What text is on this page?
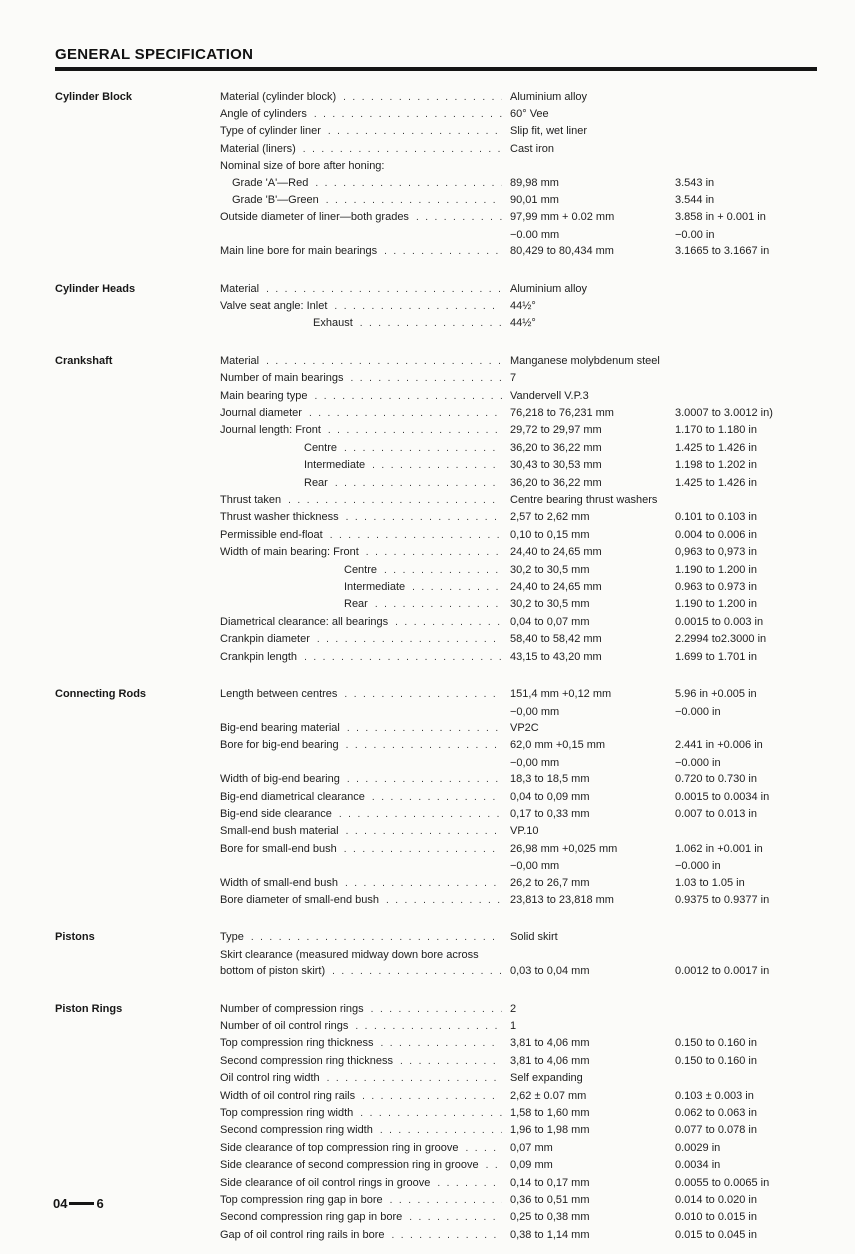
GENERAL SPECIFICATION
Cylinder Block	Material (cylinder block) .....	Aluminium alloy
Angle of cylinders .....	60° Vee
Type of cylinder liner .....	Slip fit, wet liner
Material (liners) .....	Cast iron
Nominal size of bore after honing:
Grade 'A'—Red .....	89,98 mm	3.543 in
Grade 'B'—Green .....	90,01 mm	3.544 in
Outside diameter of liner—both grades .....	97,99 mm + 0.02 mm	3.858 in + 0.001 in
−0.00 mm	−0.00 in
Main line bore for main bearings .....	80,429 to 80,434 mm	3.1665 to 3.1667 in
Cylinder Heads	Material .....	Aluminium alloy
Valve seat angle: Inlet .....	44½°
Exhaust .....	44½°
Crankshaft	Material .....	Manganese molybdenum steel
Number of main bearings .....	7
Main bearing type .....	Vandervell V.P.3
Journal diameter .....	76,218 to 76,231 mm	3.0007 to 3.0012 in)
Journal length: Front .....	29,72 to 29,97 mm	1.170 to 1.180 in
Centre .....	36,20 to 36,22 mm	1.425 to 1.426 in
Intermediate .....	30,43 to 30,53 mm	1.198 to 1.202 in
Rear .....	36,20 to 36,22 mm	1.425 to 1.426 in
Thrust taken .....	Centre bearing thrust washers
Thrust washer thickness .....	2,57 to 2,62 mm	0.101 to 0.103 in
Permissible end-float .....	0,10 to 0,15 mm	0.004 to 0.006 in
Width of main bearing: Front .....	24,40 to 24,65 mm	0,963 to 0,973 in
Centre .....	30,2 to 30,5 mm	1.190 to 1.200 in
Intermediate .....	24,40 to 24,65 mm	0.963 to 0.973 in
Rear .....	30,2 to 30,5 mm	1.190 to 1.200 in
Diametrical clearance: all bearings .....	0,04 to 0,07 mm	0.0015 to 0.003 in
Crankpin diameter .....	58,40 to 58,42 mm	2.2994 to2.3000 in
Crankpin length .....	43,15 to 43,20 mm	1.699 to 1.701 in
Connecting Rods	Length between centres .....	151,4 mm +0,12 mm	5.96 in +0.005 in
−0,00 mm	−0.000 in
Big-end bearing material .....	VP2C
Bore for big-end bearing .....	62,0 mm +0,15 mm	2.441 in +0.006 in
−0,00 mm	−0.000 in
Width of big-end bearing .....	18,3 to 18,5 mm	0.720 to 0.730 in
Big-end diametrical clearance .....	0,04 to 0,09 mm	0.0015 to 0.0034 in
Big-end side clearance .....	0,17 to 0,33 mm	0.007 to 0.013 in
Small-end bush material .....	VP.10
Bore for small-end bush .....	26,98 mm +0,025 mm	1.062 in +0.001 in
−0,00 mm	−0.000 in
Width of small-end bush .....	26,2 to 26,7 mm	1.03 to 1.05 in
Bore diameter of small-end bush .....	23,813 to 23,818 mm	0.9375 to 0.9377 in
Pistons	Type .....	Solid skirt
Skirt clearance (measured midway down bore across
bottom of piston skirt) .....	0,03 to 0,04 mm	0.0012 to 0.0017 in
Piston Rings	Number of compression rings .....	2
Number of oil control rings .....	1
Top compression ring thickness .....	3,81 to 4,06 mm	0.150 to 0.160 in
Second compression ring thickness .....	3,81 to 4,06 mm	0.150 to 0.160 in
Oil control ring width .....	Self expanding
Width of oil control ring rails .....	2,62 ± 0.07 mm	0.103 ± 0.003 in
Top compression ring width .....	1,58 to 1,60 mm	0.062 to 0.063 in
Second compression ring width .....	1,96 to 1,98 mm	0.077 to 0.078 in
Side clearance of top compression ring in groove .....	0,07 mm	0.0029 in
Side clearance of second compression ring in groove .....	0,09 mm	0.0034 in
Side clearance of oil control rings in groove .....	0,14 to 0,17 mm	0.0055 to 0.0065 in
Top compression ring gap in bore .....	0,36 to 0,51 mm	0.014 to 0.020 in
Second compression ring gap in bore .....	0,25 to 0,38 mm	0.010 to 0.015 in
Gap of oil control ring rails in bore .....	0,38 to 1,14 mm	0.015 to 0.045 in
04 6
